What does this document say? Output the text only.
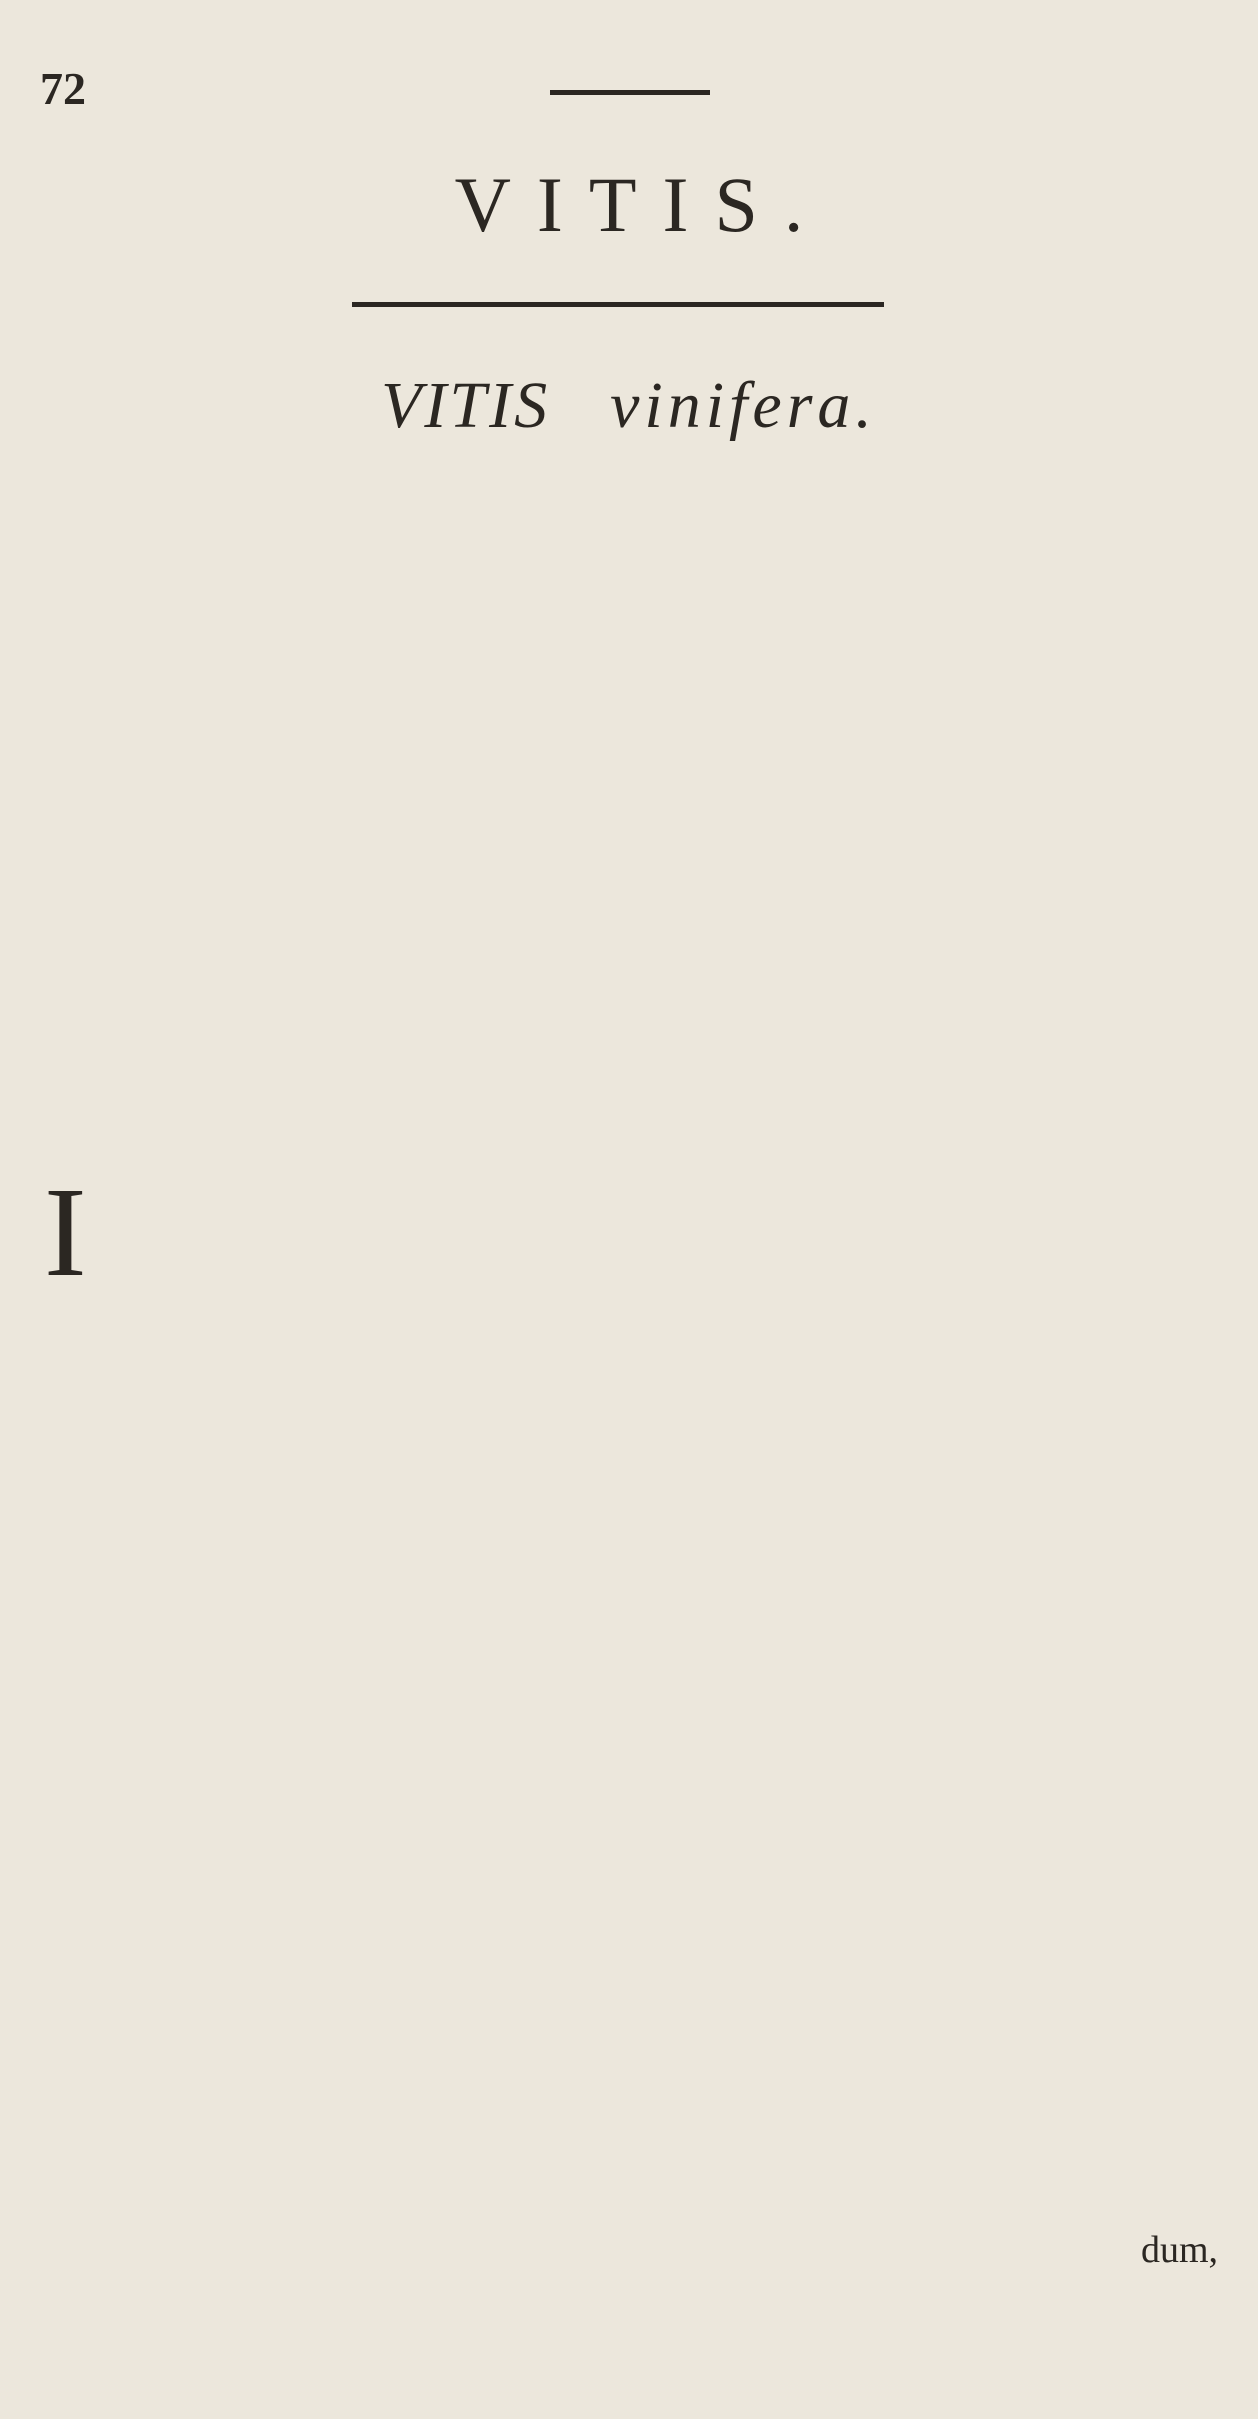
72
VITIS.
VITIS vinifera.
I
dum,
